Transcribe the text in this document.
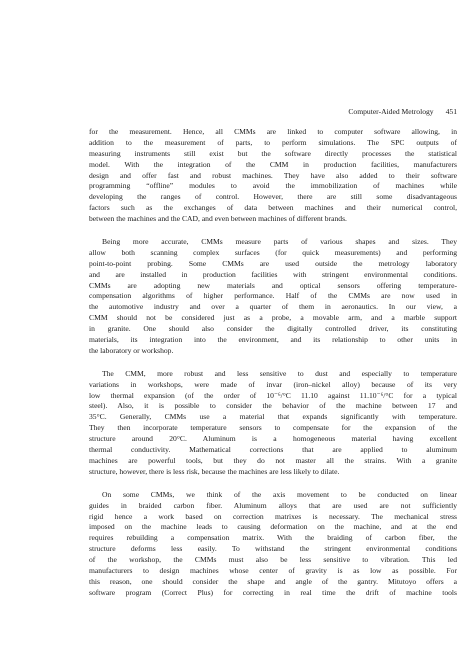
Computer-Aided Metrology 451
for the measurement. Hence, all CMMs are linked to computer software allowing, in
addition to the measurement of parts, to perform simulations. The SPC outputs of
measuring instruments still exist but the software directly processes the statistical
model. With the integration of the CMM in production facilities, manufacturers
design and offer fast and robust machines. They have also added to their software
programming “offline” modules to avoid the immobilization of machines while
developing the ranges of control. However, there are still some disadvantageous
factors such as the exchanges of data between machines and their numerical control,
between the machines and the CAD, and even between machines of different brands.
Being more accurate, CMMs measure parts of various shapes and sizes. They
allow both scanning complex surfaces (for quick measurements) and performing
point-to-point probing. Some CMMs are used outside the metrology laboratory
and are installed in production facilities with stringent environmental conditions.
CMMs are adopting new materials and optical sensors offering temperature-
compensation algorithms of higher performance. Half of the CMMs are now used in
the automotive industry and over a quarter of them in aeronautics. In our view, a
CMM should not be considered just as a probe, a movable arm, and a marble support
in granite. One should also consider the digitally controlled driver, its constituting
materials, its integration into the environment, and its relationship to other units in
the laboratory or workshop.
The CMM, more robust and less sensitive to dust and especially to temperature
variations in workshops, were made of invar (iron–nickel alloy) because of its very
low thermal expansion (of the order of 10⁻⁶/°C 11.10 against 11.10⁻⁶/°C for a typical
steel). Also, it is possible to consider the behavior of the machine between 17 and
35°C. Generally, CMMs use a material that expands significantly with temperature.
They then incorporate temperature sensors to compensate for the expansion of the
structure around 20°C. Aluminum is a homogeneous material having excellent
thermal conductivity. Mathematical corrections that are applied to aluminum
machines are powerful tools, but they do not master all the strains. With a granite
structure, however, there is less risk, because the machines are less likely to dilate.
On some CMMs, we think of the axis movement to be conducted on linear
guides in braided carbon fiber. Aluminum alloys that are used are not sufficiently
rigid hence a work based on correction matrixes is necessary. The mechanical stress
imposed on the machine leads to causing deformation on the machine, and at the end
requires rebuilding a compensation matrix. With the braiding of carbon fiber, the
structure deforms less easily. To withstand the stringent environmental conditions
of the workshop, the CMMs must also be less sensitive to vibration. This led
manufacturers to design machines whose center of gravity is as low as possible. For
this reason, one should consider the shape and angle of the gantry. Mitutoyo offers a
software program (Correct Plus) for correcting in real time the drift of machine tools
